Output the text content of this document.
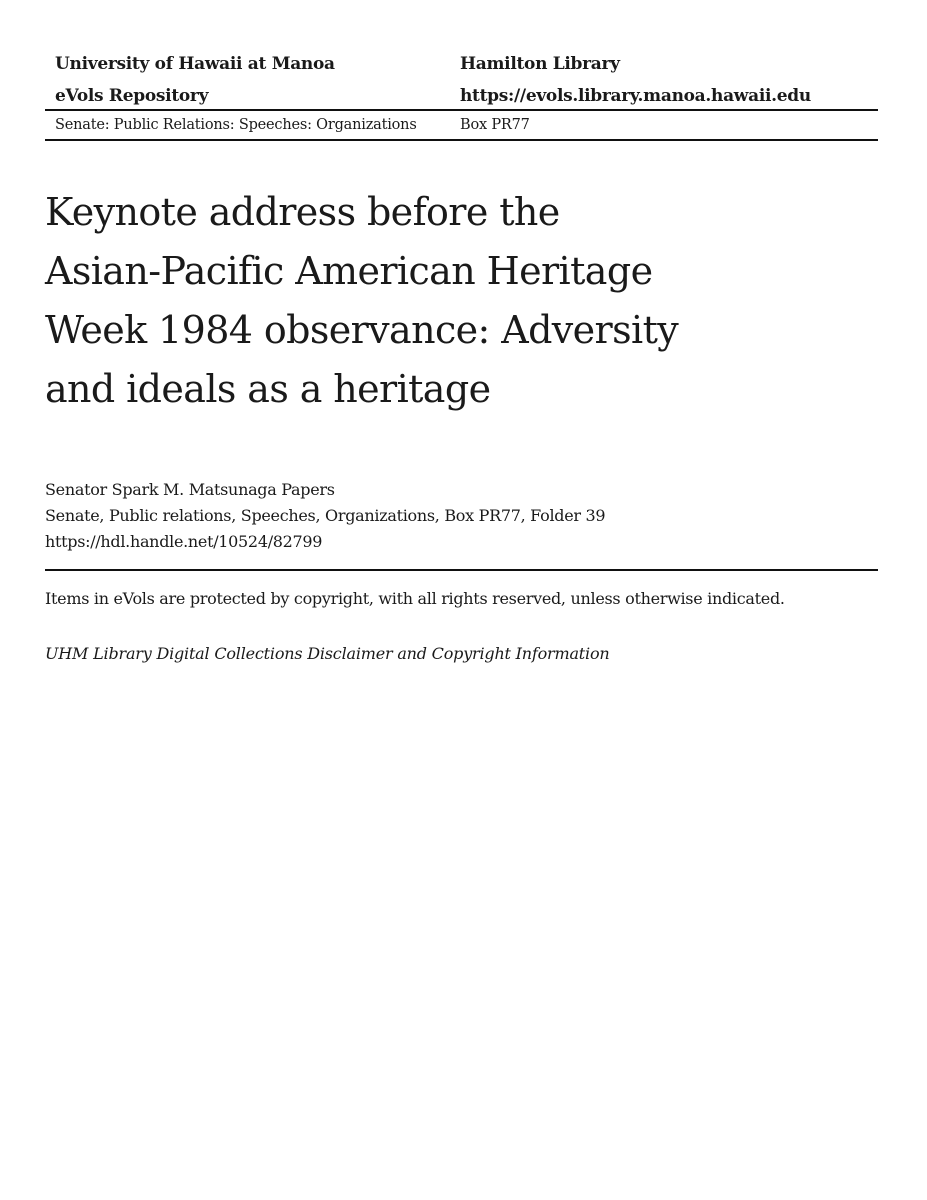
University of Hawaii at Manoa	Hamilton Library
eVols Repository	https://evols.library.manoa.hawaii.edu
Senate: Public Relations: Speeches: Organizations	Box PR77
Keynote address before the
Asian-Pacific American Heritage
Week 1984 observance: Adversity
and ideals as a heritage
Senator Spark M. Matsunaga Papers
Senate, Public relations, Speeches, Organizations, Box PR77, Folder 39
https://hdl.handle.net/10524/82799
Items in eVols are protected by copyright, with all rights reserved, unless otherwise indicated.
UHM Library Digital Collections Disclaimer and Copyright Information
